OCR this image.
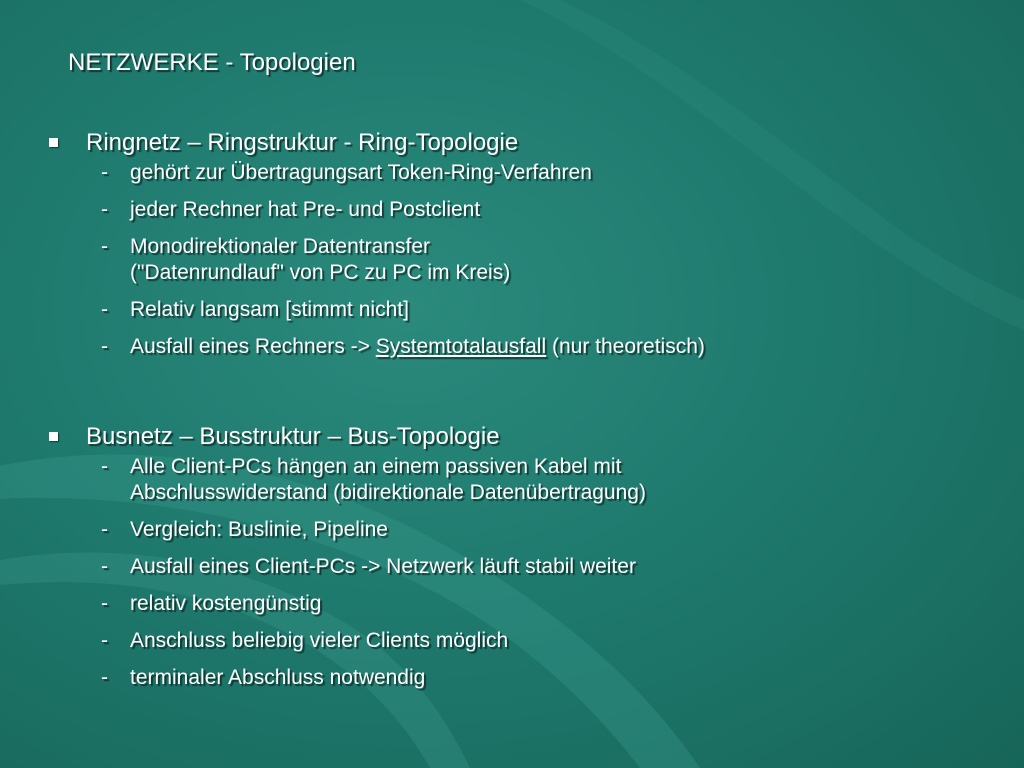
NETZWERKE - Topologien
Ringnetz – Ringstruktur - Ring-Topologie
- gehört zur Übertragungsart Token-Ring-Verfahren
- jeder Rechner hat Pre- und Postclient
- Monodirektionaler Datentransfer
("Datenrundlauf" von PC zu PC im Kreis)
- Relativ langsam [stimmt nicht]
- Ausfall eines Rechners -> Systemtotalausfall (nur theoretisch)
Busnetz – Busstruktur – Bus-Topologie
- Alle Client-PCs hängen an einem passiven Kabel mit
Abschlusswiderstand (bidirektionale Datenübertragung)
- Vergleich: Buslinie, Pipeline
- Ausfall eines Client-PCs -> Netzwerk läuft stabil weiter
- relativ kostengünstig
- Anschluss beliebig vieler Clients möglich
- terminaler Abschluss notwendig
